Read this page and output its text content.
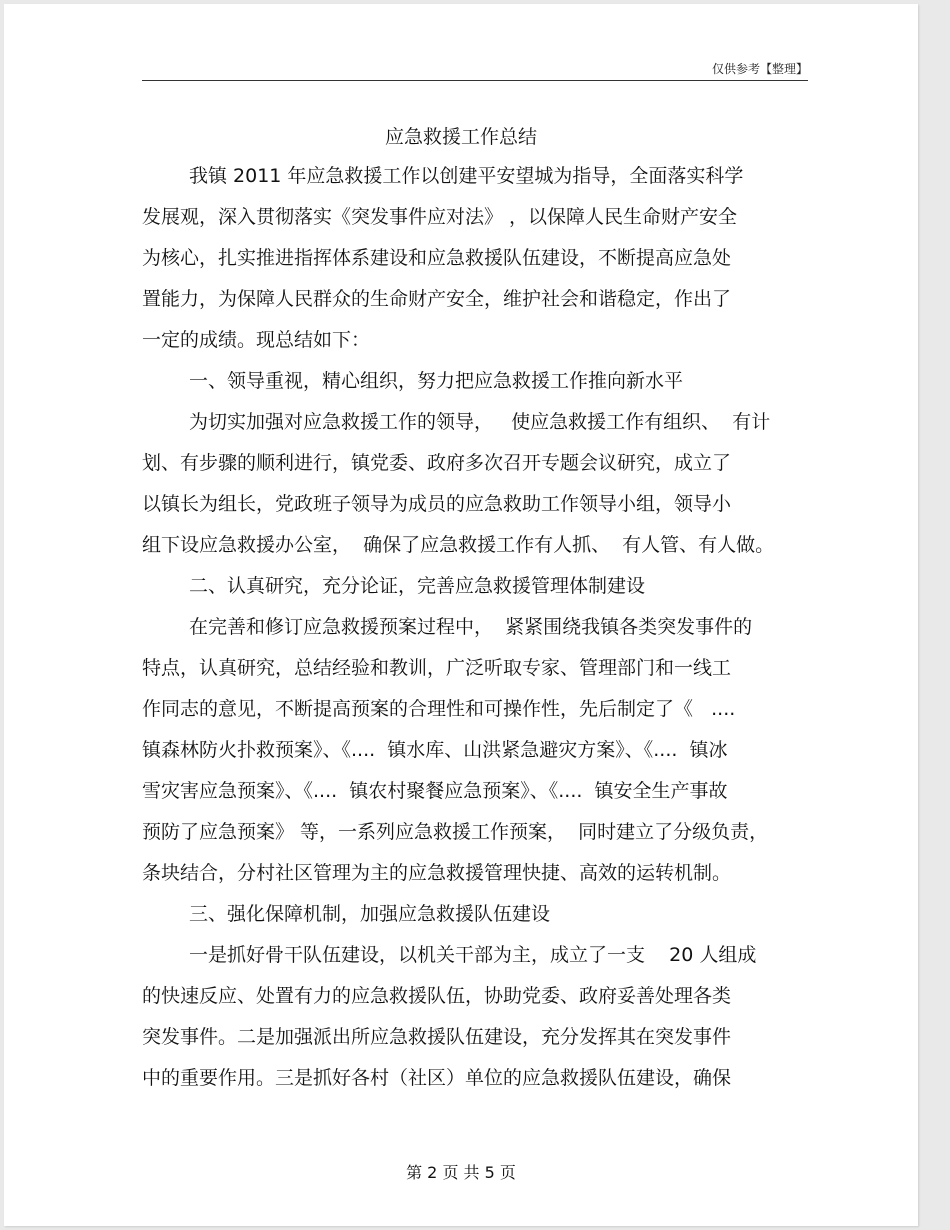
仅供参考【整理】
应急救援工作总结
我镇 2011 年应急救援工作以创建平安望城为指导，全面落实科学
发展观，深入贯彻落实《突发事件应对法》 ，以保障人民生命财产安全
为核心，扎实推进指挥体系建设和应急救援队伍建设，不断提高应急处
置能力，为保障人民群众的生命财产安全，维护社会和谐稳定，作出了
一定的成绩。现总结如下：
一、领导重视，精心组织，努力把应急救援工作推向新水平
为切实加强对应急救援工作的领导，   使应急救援工作有组织、  有计
划、有步骤的顺利进行，镇党委、政府多次召开专题会议研究，成立了
以镇长为组长，党政班子领导为成员的应急救助工作领导小组，领导小
组下设应急救援办公室，  确保了应急救援工作有人抓、  有人管、有人做。
二、认真研究，充分论证，完善应急救援管理体制建设
在完善和修订应急救援预案过程中，  紧紧围绕我镇各类突发事件的
特点，认真研究，总结经验和教训，广泛听取专家、管理部门和一线工
作同志的意见，不断提高预案的合理性和可操作性，先后制定了《   ....
镇森林防火扑救预案》、《....  镇水库、山洪紧急避灾方案》、《....  镇冰
雪灾害应急预案》、《....  镇农村聚餐应急预案》、《....  镇安全生产事故
预防了应急预案》 等，一系列应急救援工作预案，  同时建立了分级负责，
条块结合，分村社区管理为主的应急救援管理快捷、高效的运转机制。
三、强化保障机制，加强应急救援队伍建设
一是抓好骨干队伍建设，以机关干部为主，成立了一支    20 人组成
的快速反应、处置有力的应急救援队伍，协助党委、政府妥善处理各类
突发事件。二是加强派出所应急救援队伍建设，充分发挥其在突发事件
中的重要作用。三是抓好各村（社区）单位的应急救援队伍建设，确保
第 2 页 共 5 页
